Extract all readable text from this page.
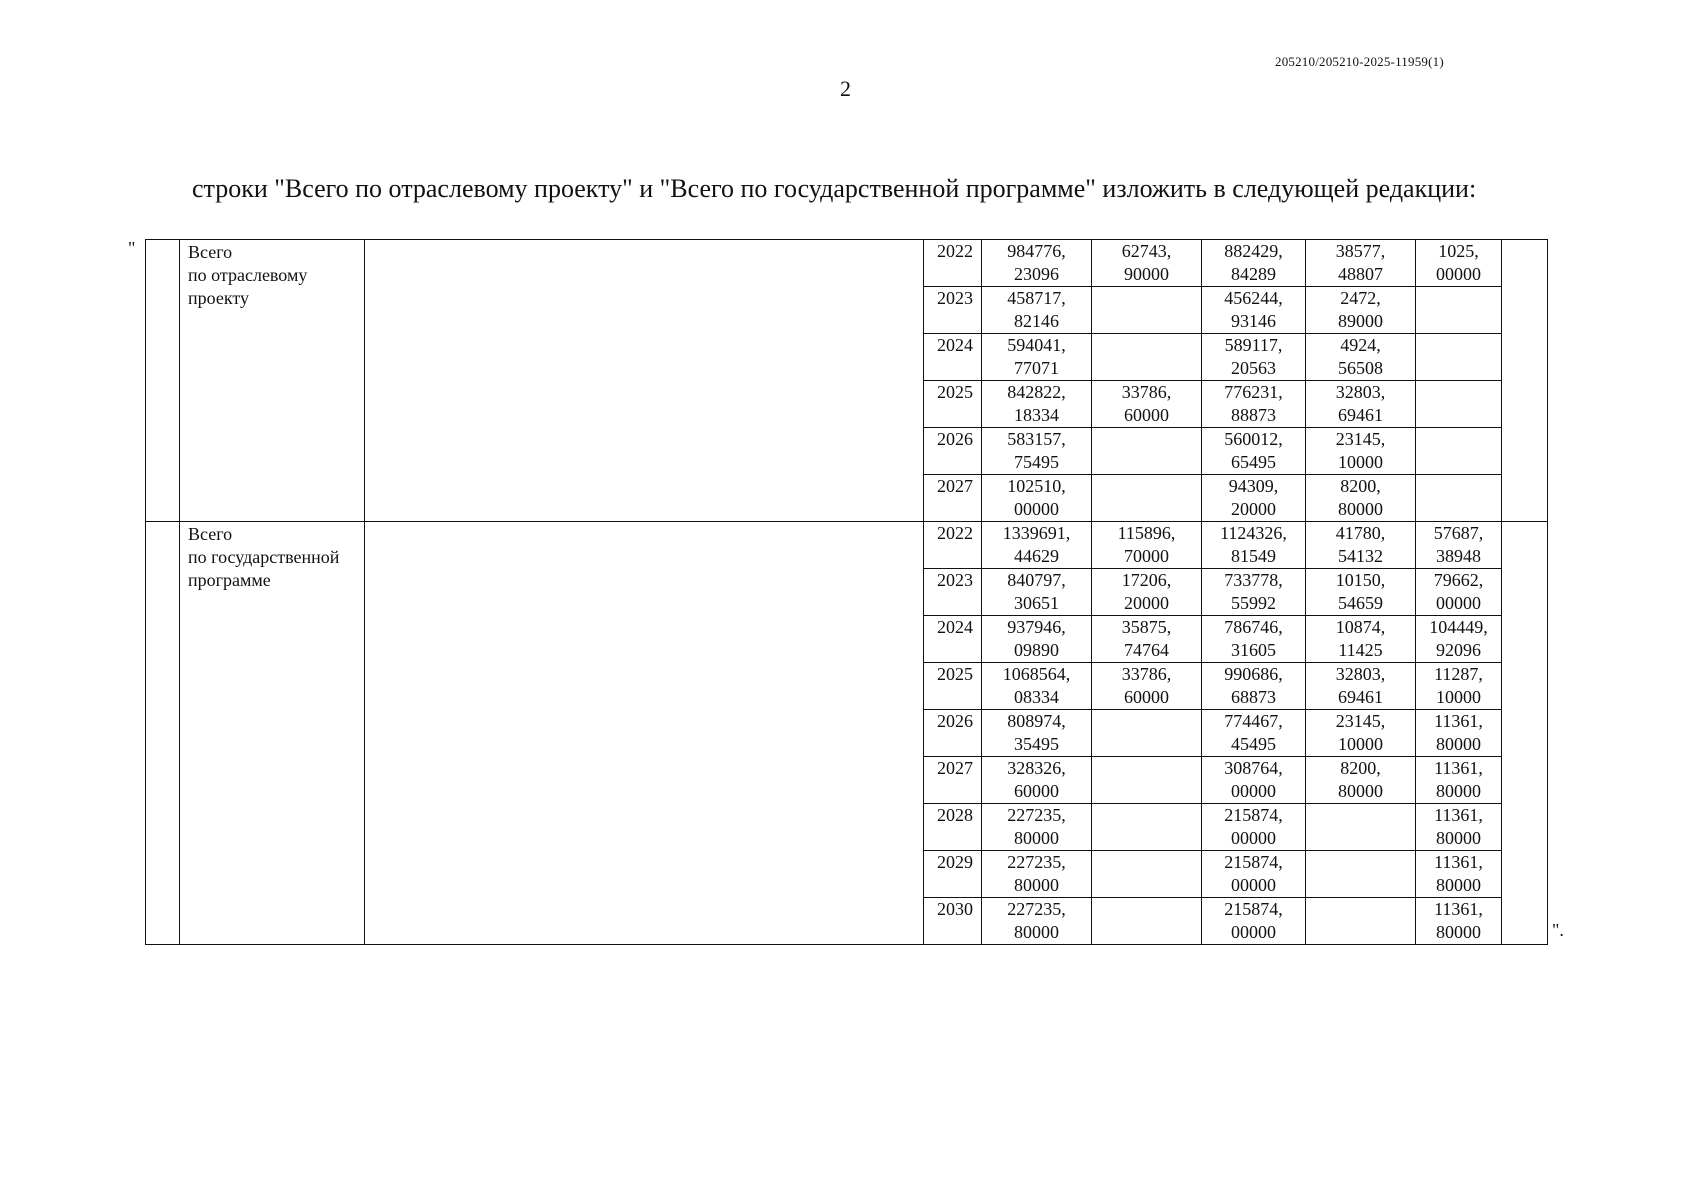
205210/205210-2025-11959(1)
2
строки "Всего по отраслевому проекту" и "Всего по государственной программе" изложить в следующей редакции:
"
		Всего
по отраслевому
проекту		2022	984776,
23096	62743,
90000	882429,
84289	38577,
48807	1025,
00000	
			2023	458717,
82146		456244,
93146	2472,
89000		
			2024	594041,
77071		589117,
20563	4924,
56508		
			2025	842822,
18334	33786,
60000	776231,
88873	32803,
69461		
			2026	583157,
75495		560012,
65495	23145,
10000		
			2027	102510,
00000		94309,
20000	8200,
80000		
	Всего
по государственной
программе		2022	1339691,
44629	115896,
70000	1124326,
81549	41780,
54132	57687,
38948	
			2023	840797,
30651	17206,
20000	733778,
55992	10150,
54659	79662,
00000	
			2024	937946,
09890	35875,
74764	786746,
31605	10874,
11425	104449,
92096	
			2025	1068564,
08334	33786,
60000	990686,
68873	32803,
69461	11287,
10000	
			2026	808974,
35495		774467,
45495	23145,
10000	11361,
80000	
			2027	328326,
60000		308764,
00000	8200,
80000	11361,
80000	
			2028	227235,
80000		215874,
00000		11361,
80000	
			2029	227235,
80000		215874,
00000		11361,
80000	
			2030	227235,
80000		215874,
00000		11361,
80000		".
